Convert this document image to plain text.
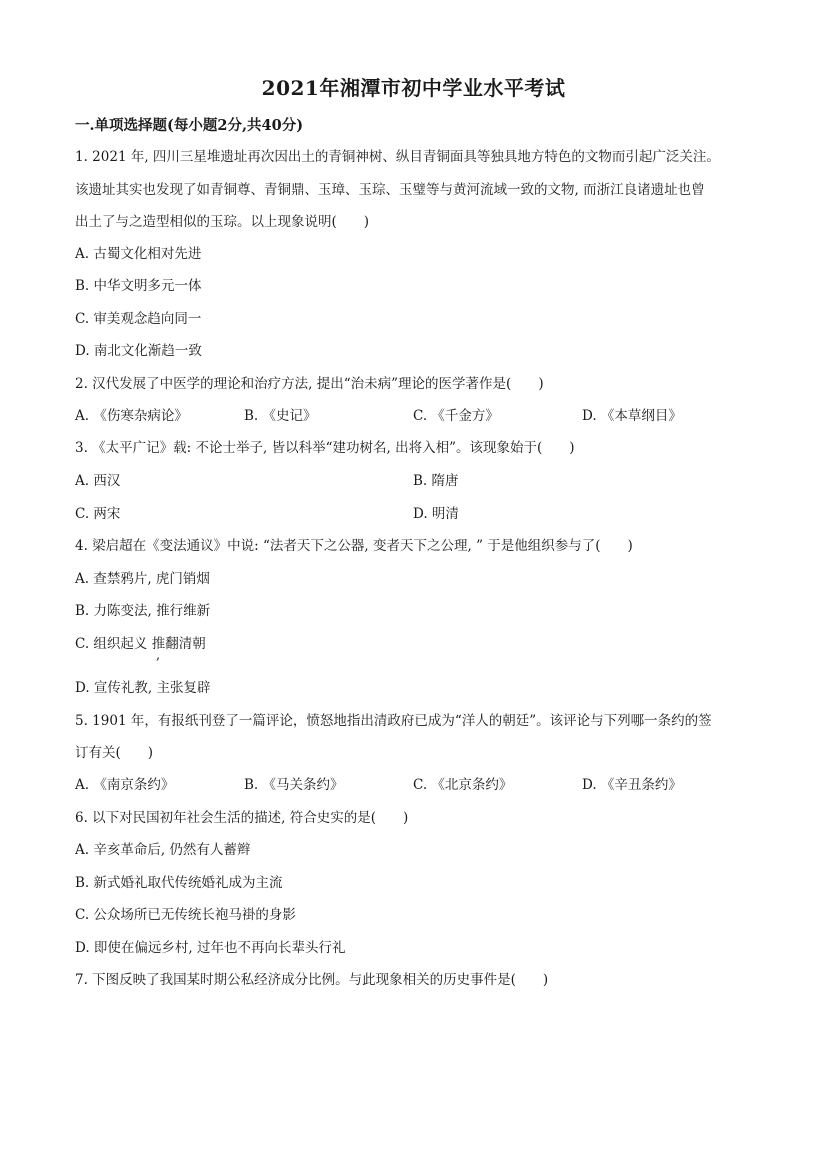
2021年湘潭市初中学业水平考试
一.单项选择题(每小题2分,共40分)
1. 2021 年, 四川三星堆遗址再次因出土的青铜神树、纵目青铜面具等独具地方特色的文物而引起广泛关注。
该遗址其实也发现了如青铜尊、青铜鼎、玉璋、玉琮、玉璧等与黄河流域一致的文物, 而浙江良诸遗址也曾
出土了与之造型相似的玉琮。以上现象说明(　　)
A. 古蜀文化相对先进
B. 中华文明多元一体
C. 审美观念趋向同一
D. 南北文化渐趋一致
2. 汉代发展了中医学的理论和治疗方法, 提出“治未病”理论的医学著作是(　　)
A. 《伤寒杂病论》	B. 《史记》	C. 《千金方》	D. 《本草纲目》
3. 《太平广记》载: 不论士举子, 皆以科举“建功树名, 出将入相”。该现象始于(　　)
A. 西汉	B. 隋唐
C. 两宋	D. 明清
4. 梁启超在《变法通议》中说: “法者天下之公器, 变者天下之公理, ” 于是他组织参与了(　　)
A. 查禁鸦片, 虎门销烟
B. 力陈变法, 推行维新
C. 组织起义 推翻清朝
,
D. 宣传礼教, 主张复辟
5. 1901 年，有报纸刊登了一篇评论，愤怒地指出清政府已成为“洋人的朝廷”。该评论与下列哪一条约的签
订有关(　　)
A. 《南京条约》	B. 《马关条约》	C. 《北京条约》	D. 《辛丑条约》
6. 以下对民国初年社会生活的描述, 符合史实的是(　　)
A. 辛亥革命后, 仍然有人蓄辫
B. 新式婚礼取代传统婚礼成为主流
C. 公众场所已无传统长袍马褂的身影
D. 即使在偏远乡村, 过年也不再向长辈头行礼
7. 下图反映了我国某时期公私经济成分比例。与此现象相关的历史事件是(　　)
